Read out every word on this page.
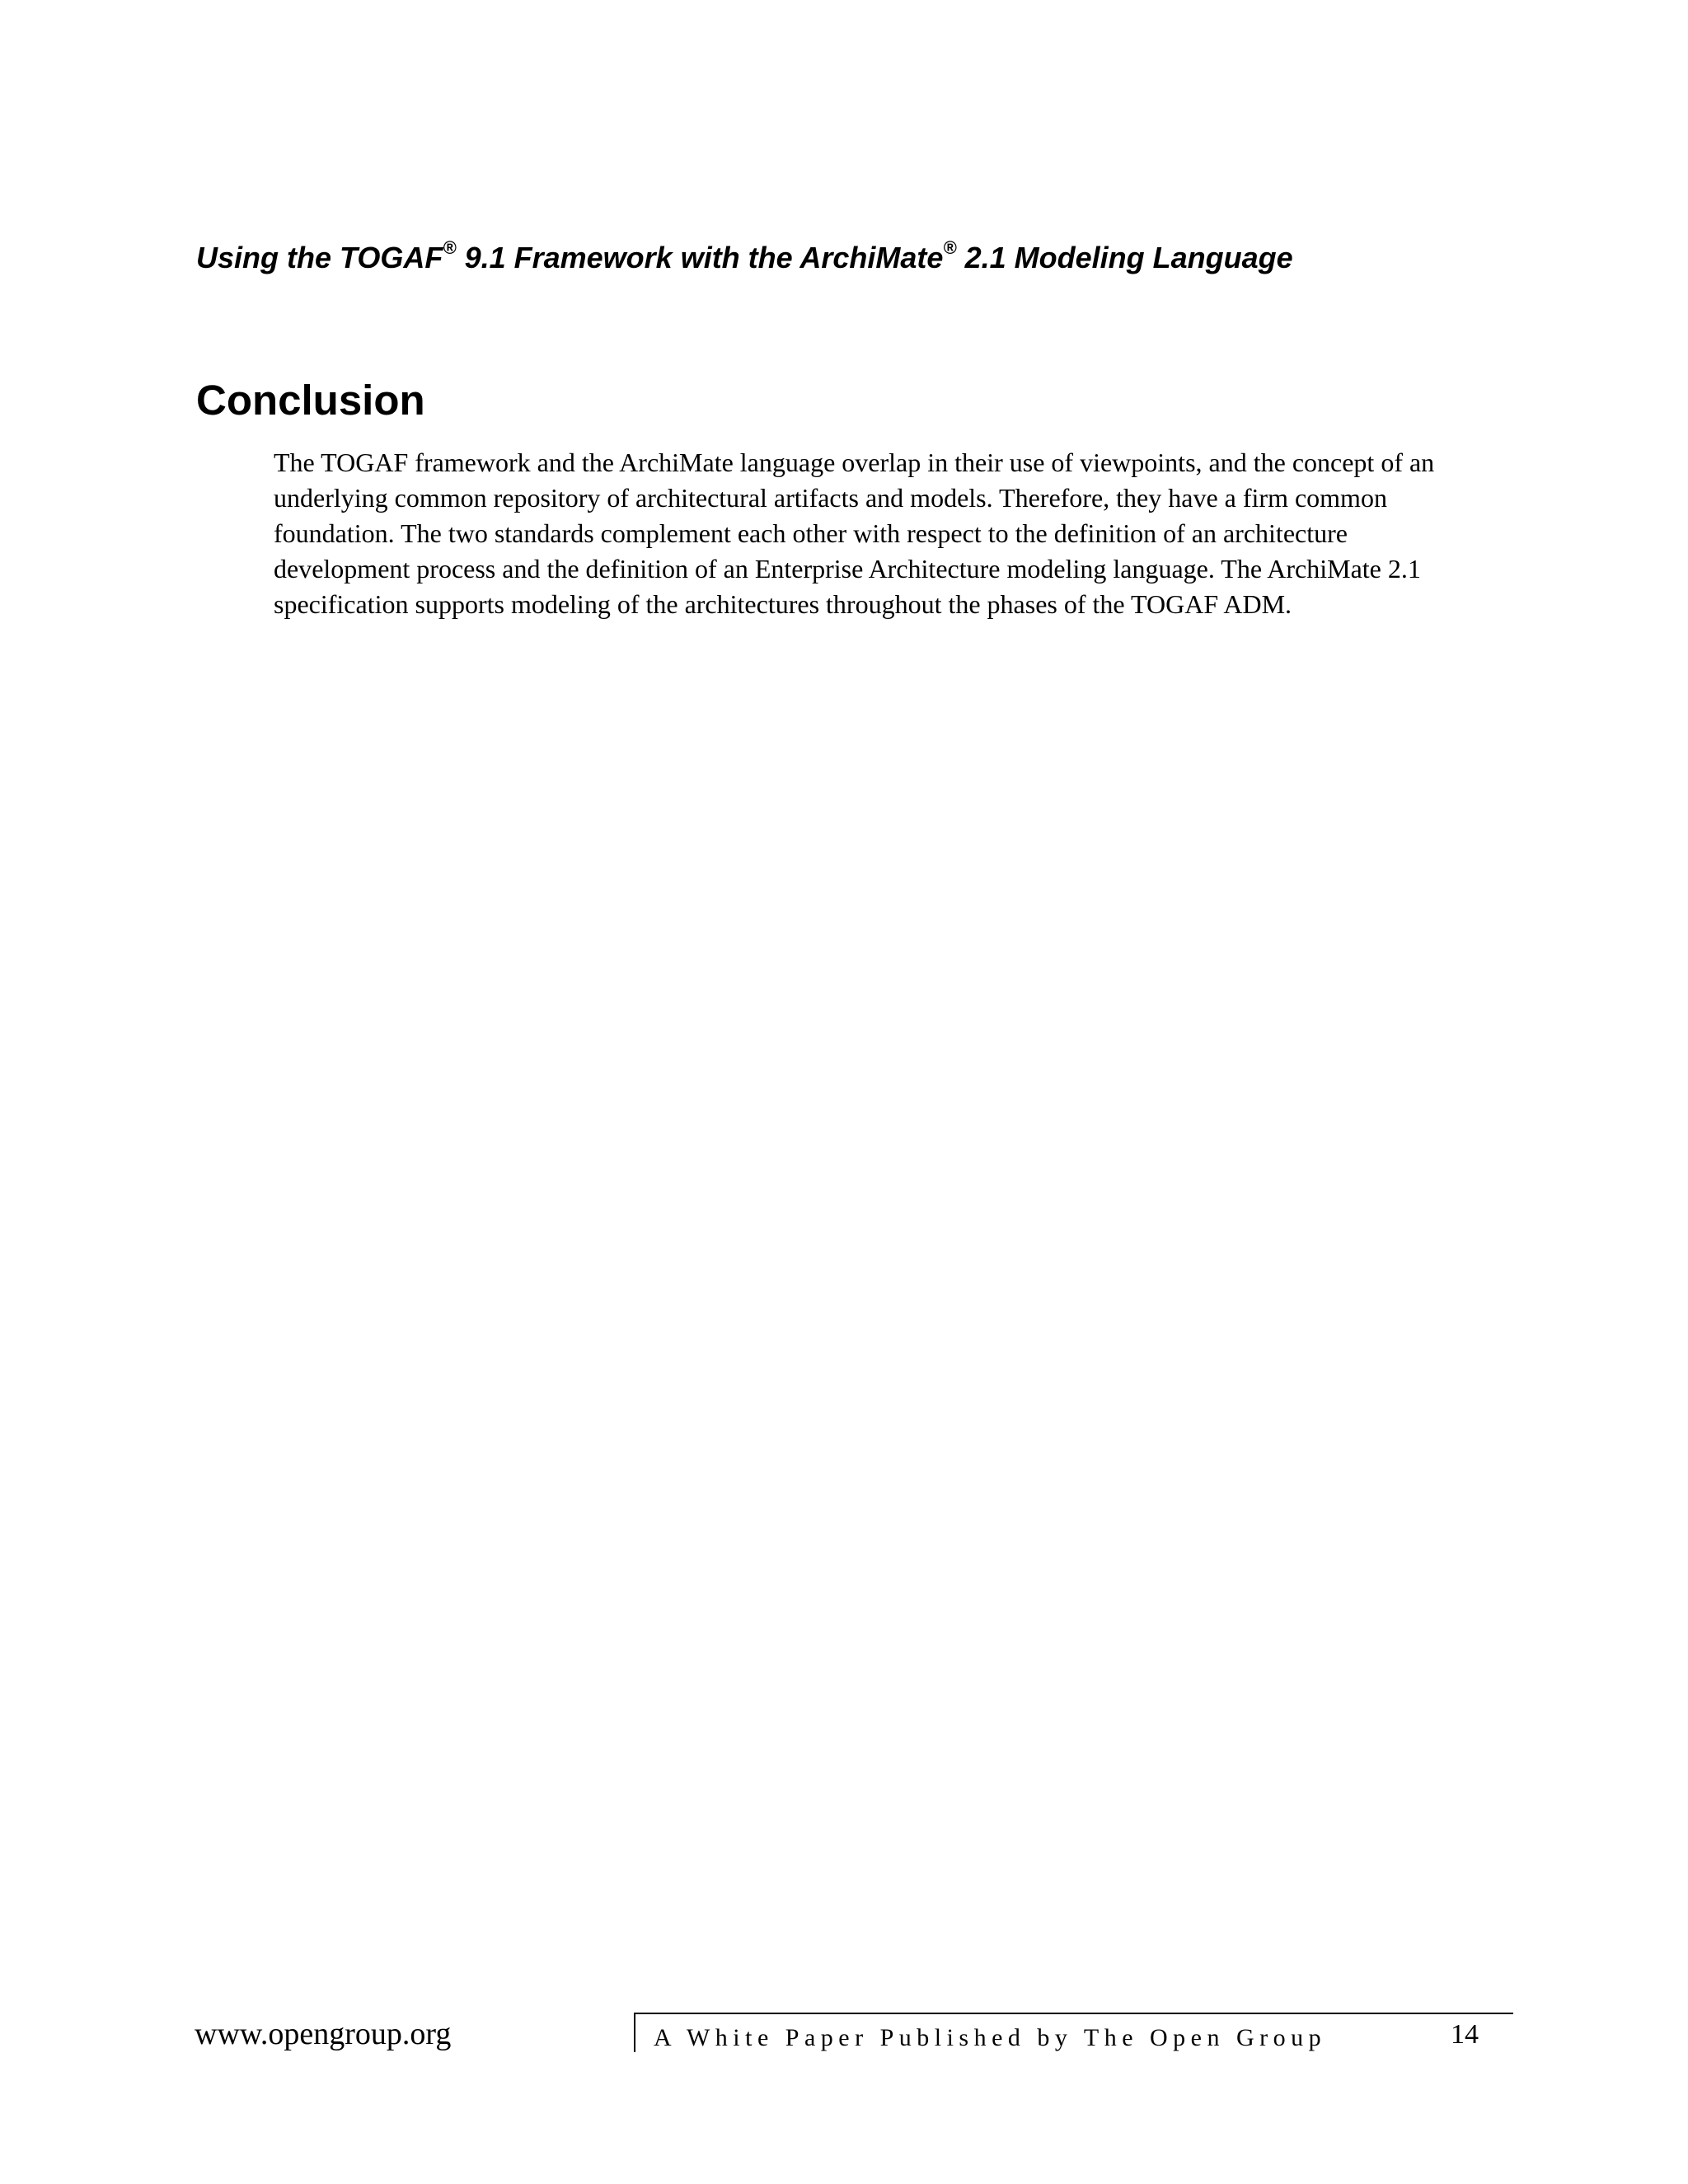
Using the TOGAF® 9.1 Framework with the ArchiMate® 2.1 Modeling Language
Conclusion

The TOGAF framework and the ArchiMate language overlap in their use of viewpoints, and the concept of an underlying common repository of architectural artifacts and models. Therefore, they have a firm common foundation. The two standards complement each other with respect to the definition of an architecture development process and the definition of an Enterprise Architecture modeling language. The ArchiMate 2.1 specification supports modeling of the architectures throughout the phases of the TOGAF ADM.

www.opengroup.org	A White Paper Published by The Open Group	14
